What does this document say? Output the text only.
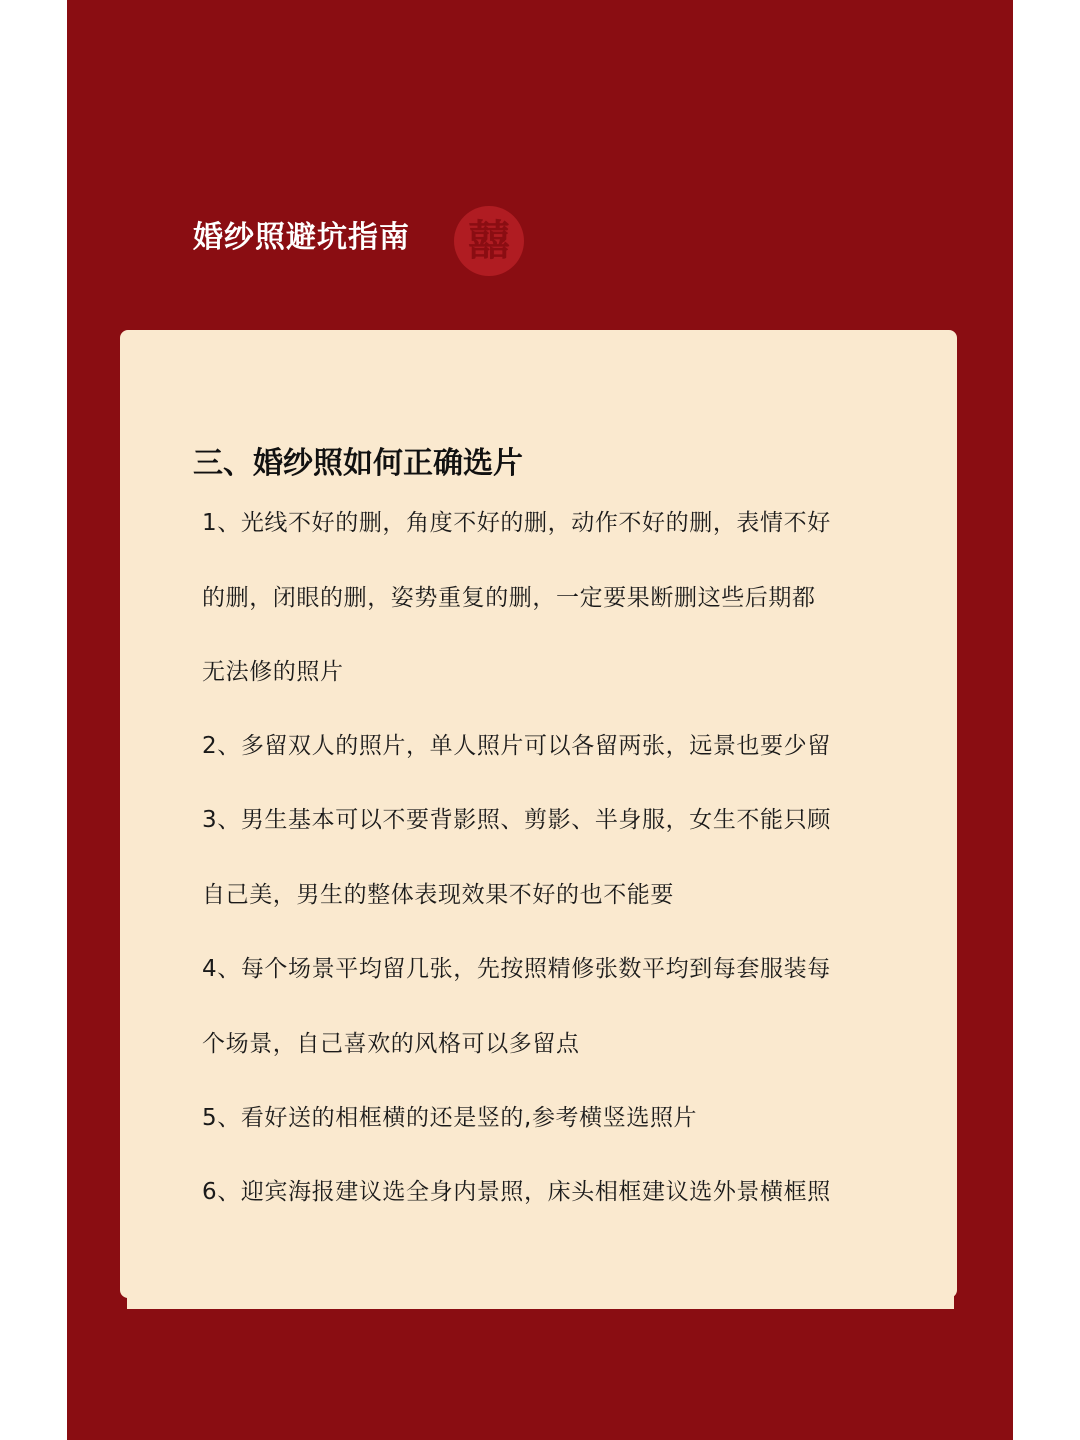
婚纱照避坑指南 囍
三、婚纱照如何正确选片
1、光线不好的删，角度不好的删，动作不好的删，表情不好
的删，闭眼的删，姿势重复的删，一定要果断删这些后期都
无法修的照片
2、多留双人的照片，单人照片可以各留两张，远景也要少留
3、男生基本可以不要背影照、剪影、半身服，女生不能只顾
自己美，男生的整体表现效果不好的也不能要
4、每个场景平均留几张，先按照精修张数平均到每套服装每
个场景，自己喜欢的风格可以多留点
5、看好送的相框横的还是竖的,参考横竖选照片
6、迎宾海报建议选全身内景照，床头相框建议选外景横框照
